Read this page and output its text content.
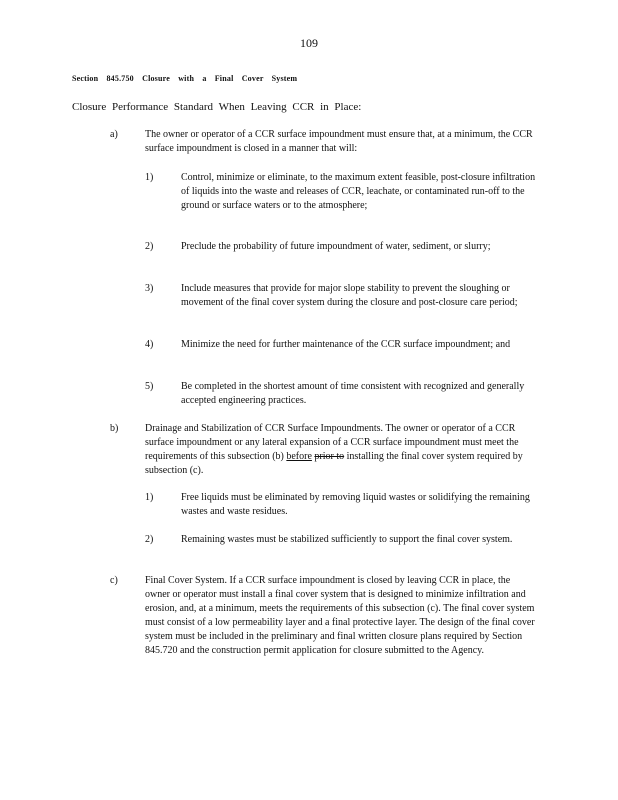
109
Section 845.750 Closure with a Final Cover System
Closure Performance Standard When Leaving CCR in Place:
a)	The owner or operator of a CCR surface impoundment must ensure that, at a minimum, the CCR surface impoundment is closed in a manner that will:
1)	Control, minimize or eliminate, to the maximum extent feasible, post-closure infiltration of liquids into the waste and releases of CCR, leachate, or contaminated run-off to the ground or surface waters or to the atmosphere;
2)	Preclude the probability of future impoundment of water, sediment, or slurry;
3)	Include measures that provide for major slope stability to prevent the sloughing or movement of the final cover system during the closure and post-closure care period;
4)	Minimize the need for further maintenance of the CCR surface impoundment; and
5)	Be completed in the shortest amount of time consistent with recognized and generally accepted engineering practices.
b)	Drainage and Stabilization of CCR Surface Impoundments. The owner or operator of a CCR surface impoundment or any lateral expansion of a CCR surface impoundment must meet the requirements of this subsection (b) before prior to installing the final cover system required by subsection (c).
1)	Free liquids must be eliminated by removing liquid wastes or solidifying the remaining wastes and waste residues.
2)	Remaining wastes must be stabilized sufficiently to support the final cover system.
c)	Final Cover System. If a CCR surface impoundment is closed by leaving CCR in place, the owner or operator must install a final cover system that is designed to minimize infiltration and erosion, and, at a minimum, meets the requirements of this subsection (c). The final cover system must consist of a low permeability layer and a final protective layer. The design of the final cover system must be included in the preliminary and final written closure plans required by Section 845.720 and the construction permit application for closure submitted to the Agency.
